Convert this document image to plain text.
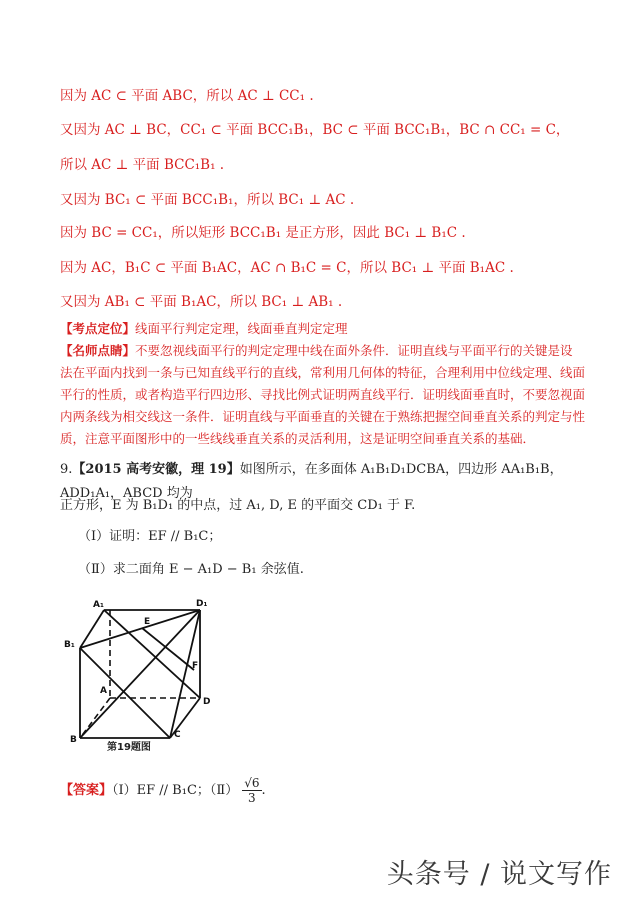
因为 AC ⊂ 平面 ABC，所以 AC ⊥ CC₁ .
又因为 AC ⊥ BC，CC₁ ⊂ 平面 BCC₁B₁，BC ⊂ 平面 BCC₁B₁，BC ∩ CC₁ = C，
所以 AC ⊥ 平面 BCC₁B₁ .
又因为 BC₁ ⊂ 平面 BCC₁B₁，所以 BC₁ ⊥ AC .
因为 BC = CC₁，所以矩形 BCC₁B₁ 是正方形，因此 BC₁ ⊥ B₁C .
因为 AC，B₁C ⊂ 平面 B₁AC，AC ∩ B₁C = C，所以 BC₁ ⊥ 平面 B₁AC .
又因为 AB₁ ⊂ 平面 B₁AC，所以 BC₁ ⊥ AB₁ .
【考点定位】线面平行判定定理，线面垂直判定定理
【名师点睛】不要忽视线面平行的判定定理中线在面外条件．证明直线与平面平行的关键是设法在平面内找到一条与已知直线平行的直线，常利用几何体的特征，合理利用中位线定理、线面平行的性质，或者构造平行四边形、寻找比例式证明两直线平行．证明线面垂直时，不要忽视面内两条线为相交线这一条件．证明直线与平面垂直的关键在于熟练把握空间垂直关系的判定与性质，注意平面图形中的一些线线垂直关系的灵活利用，这是证明空间垂直关系的基础．
9.【2015 高考安徽，理 19】如图所示，在多面体 A₁B₁D₁DCBA，四边形 AA₁B₁B，ADD₁A₁，ABCD 均为
正方形，E 为 B₁D₁ 的中点，过 A₁, D, E 的平面交 CD₁ 于 F.
（Ⅰ）证明：EF // B₁C；
（Ⅱ）求二面角 E − A₁D − B₁ 余弦值.
A₁	D₁
B₁
E
F
A
D
B	C
第19题图
【答案】（Ⅰ）EF // B₁C；（Ⅱ） $\frac{√6}{3}$ .
头条号 / 说文写作
